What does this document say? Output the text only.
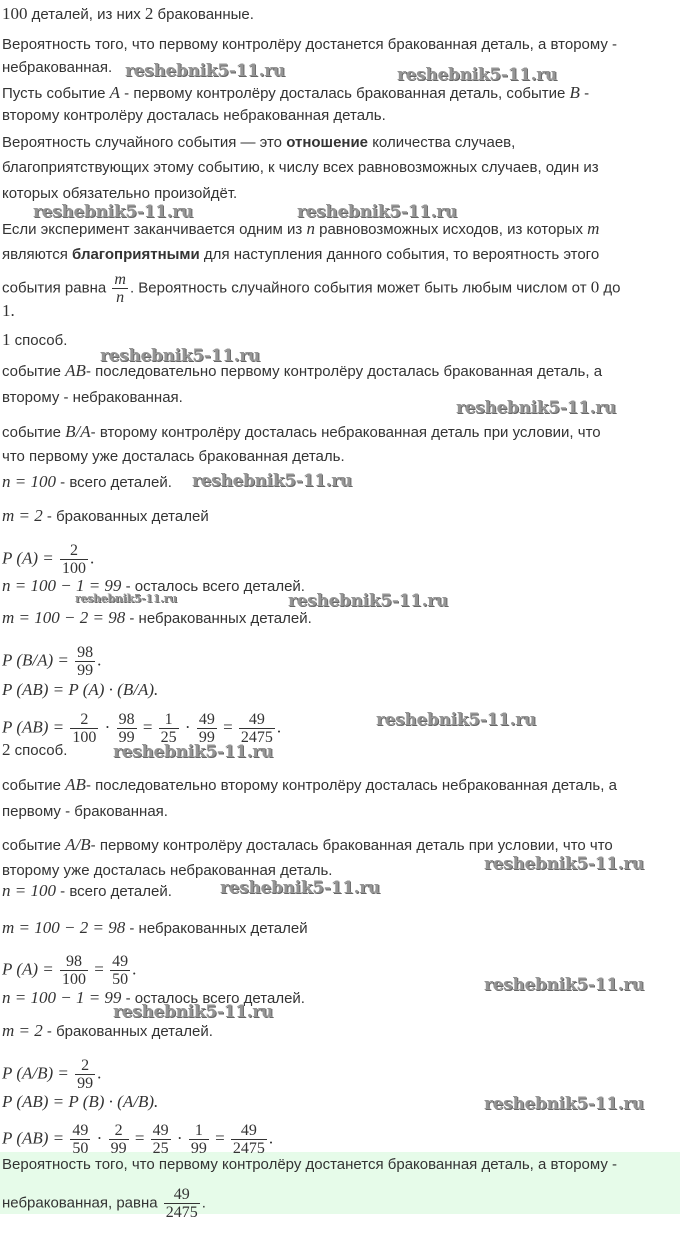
100 деталей, из них 2 бракованные.
Вероятность того, что первому контролёру достанется бракованная деталь, а второму -
небракованная.
Пусть событие A - первому контролёру досталась бракованная деталь, событие B -
второму контролёру досталась небракованная деталь.
Вероятность случайного события — это отношение количества случаев,
благоприятствующих этому событию, к числу всех равновозможных случаев, один из
которых обязательно произойдёт.
Если эксперимент заканчивается одним из n равновозможных исходов, из которых m
являются благоприятными для наступления данного события, то вероятность этого
события равна $\frac{m}{n}$ . Вероятность случайного события может быть любым числом от 0 до
1.
1 способ.
событие AB- последовательно первому контролёру досталась бракованная деталь, а
второму - небракованная.
событие B/A- второму контролёру досталась небракованная деталь при условии, что
что первому уже досталась бракованная деталь.
n = 100 - всего деталей.
m = 2 - бракованных деталей
P $(A) = \frac{2}{100}$ .
n = 100 − 1 = 99 - осталось всего деталей.
m = 100 − 2 = 98 - небракованных деталей.
P $(B/A) = \frac{98}{99}$ .
P (AB) = P (A) · (B/A).
P $(AB) = \frac{2}{100} \cdot \frac{98}{99} = \frac{1}{25} \cdot \frac{49}{99} = \frac{49}{2475}$ .
2 способ.
событие AB- последовательно второму контролёру досталась небракованная деталь, а
первому - бракованная.
событие A/B- первому контролёру досталась бракованная деталь при условии, что что
второму уже досталась небракованная деталь.
n = 100 - всего деталей.
m = 100 − 2 = 98 - небракованных деталей
P $(A) = \frac{98}{100} = \frac{49}{50}$ .
n = 100 − 1 = 99 - осталось всего деталей.
m = 2 - бракованных деталей.
P $(A/B) = \frac{2}{99}$ .
P (AB) = P (B) · (A/B).
P $(AB) = \frac{49}{50} \cdot \frac{2}{99} = \frac{49}{25} \cdot \frac{1}{99} = \frac{49}{2475}$ .
Вероятность того, что первому контролёру достанется бракованная деталь, а второму -
небракованная, равна $\frac{49}{2475}$ .
reshebnik5-11.ru	reshebnik5-11.ru
reshebnik5-11.ru	reshebnik5-11.ru
reshebnik5-11.ru
reshebnik5-11.ru
reshebnik5-11.ru
reshebnik5-11.ru	reshebnik5-11.ru
reshebnik5-11.ru
reshebnik5-11.ru
reshebnik5-11.ru
reshebnik5-11.ru
reshebnik5-11.ru
reshebnik5-11.ru
reshebnik5-11.ru
